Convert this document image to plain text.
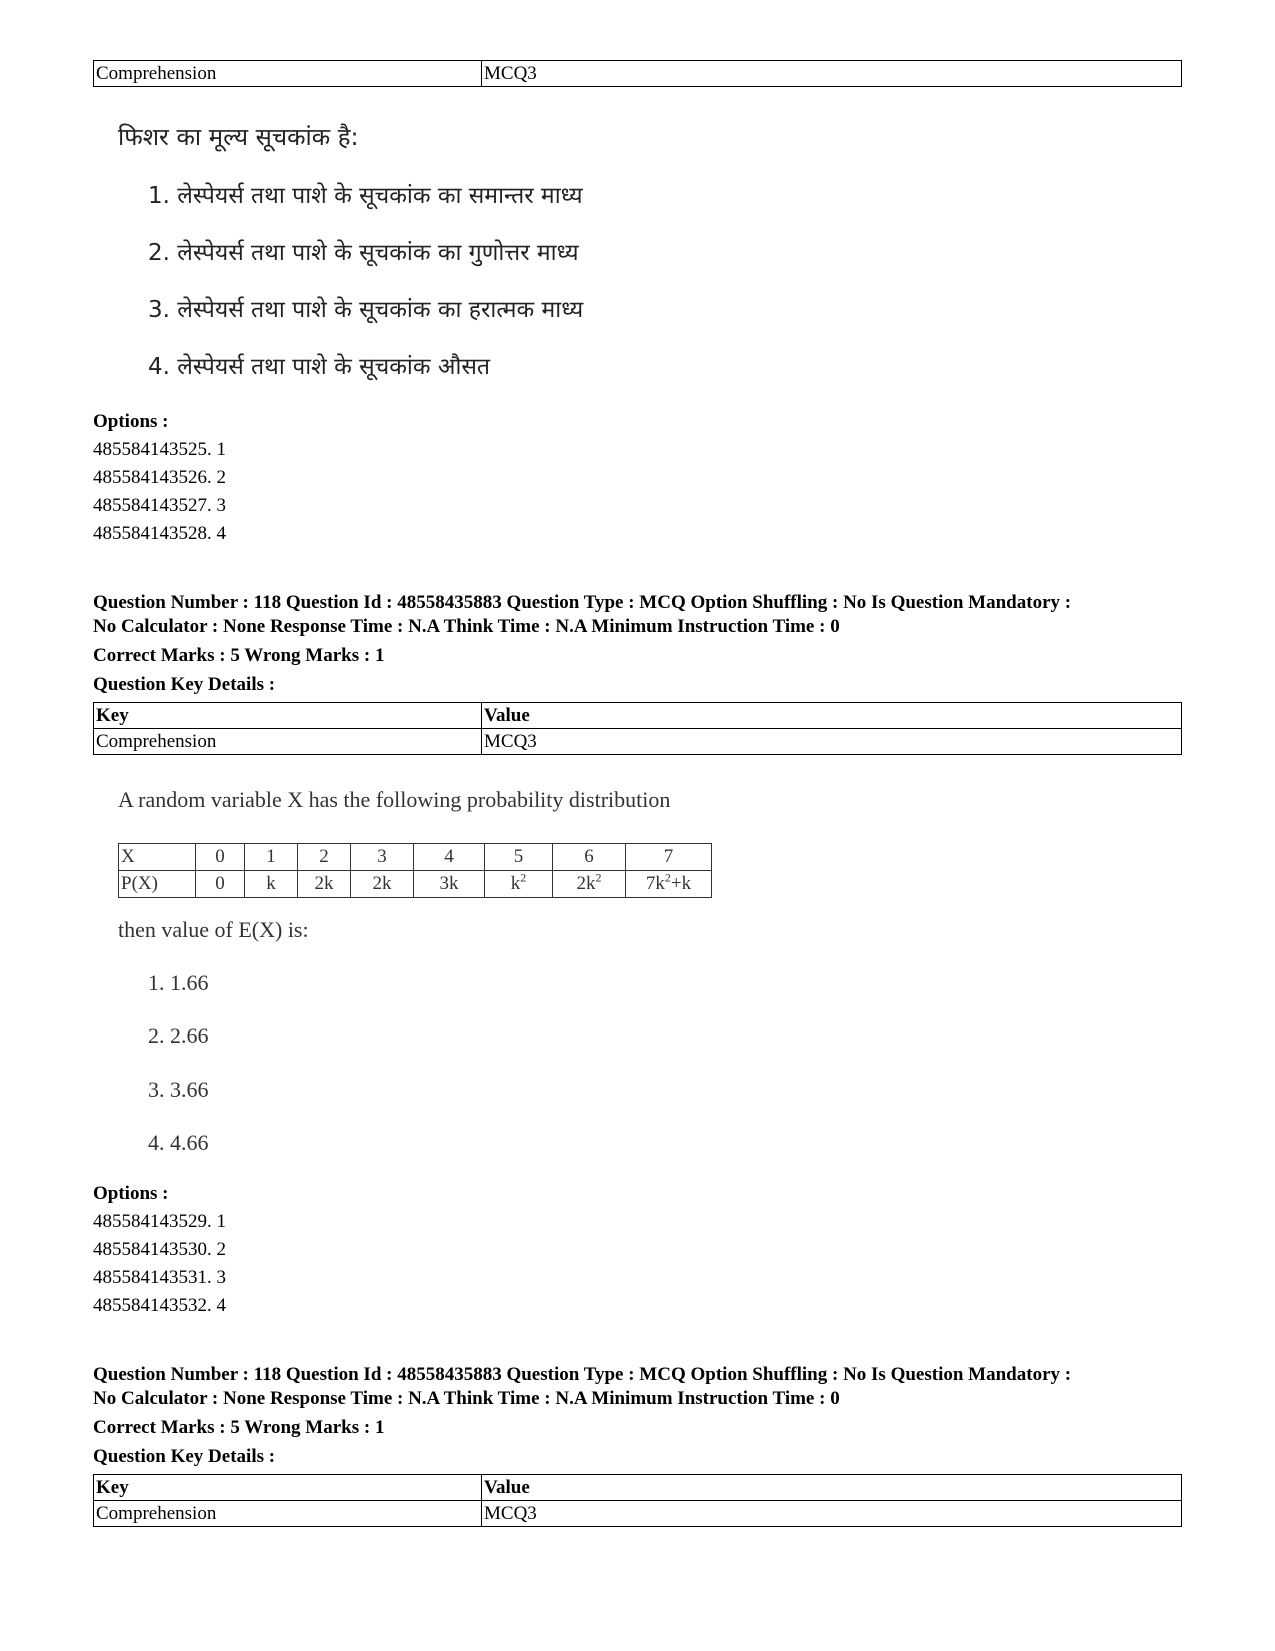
Comprehension	MCQ3
फिशर का मूल्य सूचकांक है:
1. लेस्पेयर्स तथा पाशे के सूचकांक का समान्तर माध्य
2. लेस्पेयर्स तथा पाशे के सूचकांक का गुणोत्तर माध्य
3. लेस्पेयर्स तथा पाशे के सूचकांक का हरात्मक माध्य
4. लेस्पेयर्स तथा पाशे के सूचकांक औसत
Options :
485584143525. 1
485584143526. 2
485584143527. 3
485584143528. 4
Question Number : 118 Question Id : 48558435883 Question Type : MCQ Option Shuffling : No Is Question Mandatory :
No Calculator : None Response Time : N.A Think Time : N.A Minimum Instruction Time : 0
Correct Marks : 5 Wrong Marks : 1
Question Key Details :
Key	Value
Comprehension	MCQ3
A random variable X has the following probability distribution
X	0	1	2	3	4	5	6	7
P(X)	0	k	2k	2k	3k	$k^2$	$2k^2$	$7k^2+k$
then value of E(X) is:
1. 1.66
2. 2.66
3. 3.66
4. 4.66
Options :
485584143529. 1
485584143530. 2
485584143531. 3
485584143532. 4
Question Number : 118 Question Id : 48558435883 Question Type : MCQ Option Shuffling : No Is Question Mandatory :
No Calculator : None Response Time : N.A Think Time : N.A Minimum Instruction Time : 0
Correct Marks : 5 Wrong Marks : 1
Question Key Details :
Key	Value
Comprehension	MCQ3
